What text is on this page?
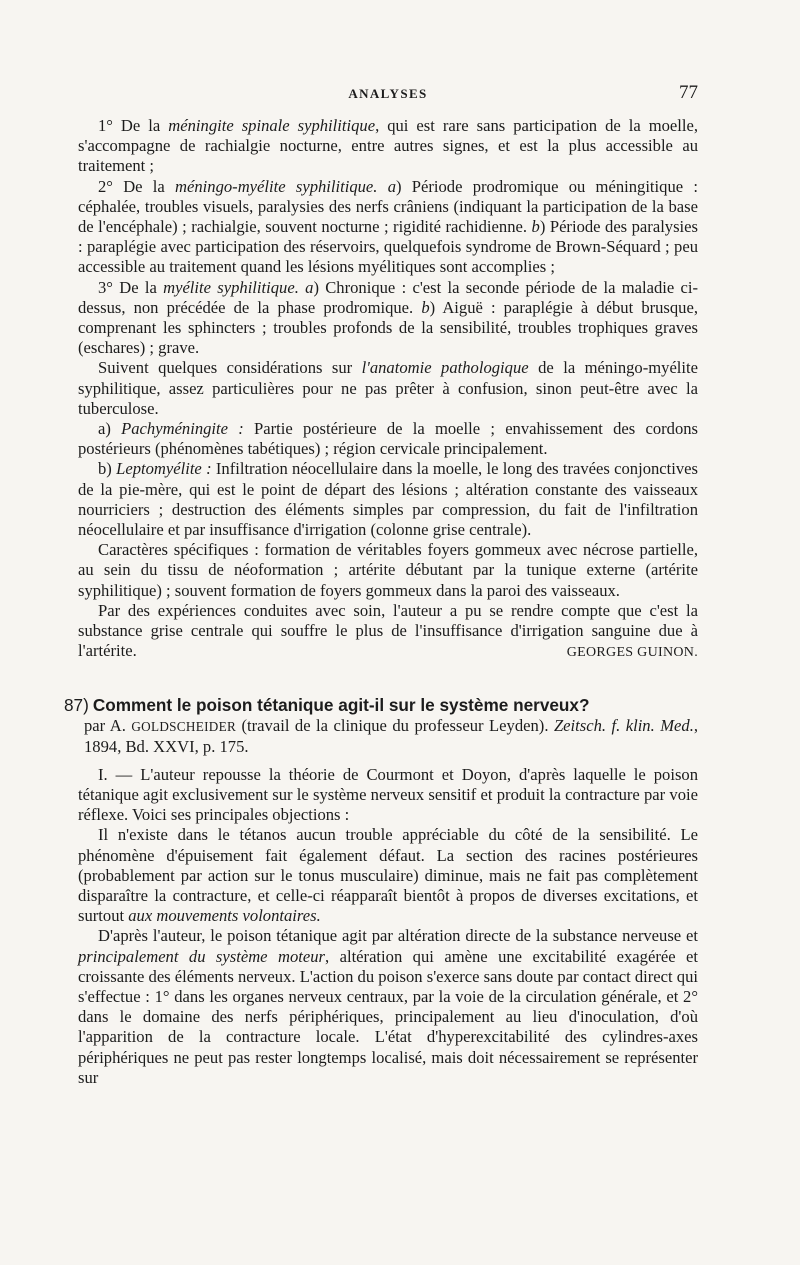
ANALYSES	77

1° De la méningite spinale syphilitique, qui est rare sans participation de la moelle, s'accompagne de rachialgie nocturne, entre autres signes, et est la plus accessible au traitement ;

2° De la méningo-myélite syphilitique. a) Période prodromique ou méningitique : céphalée, troubles visuels, paralysies des nerfs crâniens (indiquant la participation de la base de l'encéphale) ; rachialgie, souvent nocturne ; rigidité rachidienne. b) Période des paralysies : paraplégie avec participation des réservoirs, quelquefois syndrome de Brown-Séquard ; peu accessible au traitement quand les lésions myélitiques sont accomplies ;

3° De la myélite syphilitique. a) Chronique : c'est la seconde période de la maladie ci-dessus, non précédée de la phase prodromique. b) Aiguë : paraplégie à début brusque, comprenant les sphincters ; troubles profonds de la sensibilité, troubles trophiques graves (eschares) ; grave.

Suivent quelques considérations sur l'anatomie pathologique de la méningo-myélite syphilitique, assez particulières pour ne pas prêter à confusion, sinon peut-être avec la tuberculose.

a) Pachyméningite : Partie postérieure de la moelle ; envahissement des cordons postérieurs (phénomènes tabétiques) ; région cervicale principalement.

b) Leptomyélite : Infiltration néocellulaire dans la moelle, le long des travées conjonctives de la pie-mère, qui est le point de départ des lésions ; altération constante des vaisseaux nourriciers ; destruction des éléments simples par compression, du fait de l'infiltration néocellulaire et par insuffisance d'irrigation (colonne grise centrale).

Caractères spécifiques : formation de véritables foyers gommeux avec nécrose partielle, au sein du tissu de néoformation ; artérite débutant par la tunique externe (artérite syphilitique) ; souvent formation de foyers gommeux dans la paroi des vaisseaux.

Par des expériences conduites avec soin, l'auteur a pu se rendre compte que c'est la substance grise centrale qui souffre le plus de l'insuffisance d'irrigation sanguine due à l'artérite.	GEORGES GUINON.

87) Comment le poison tétanique agit-il sur le système nerveux?
par A. GOLDSCHEIDER (travail de la clinique du professeur Leyden). Zeitsch. f. klin. Med., 1894, Bd. XXVI, p. 175.

I. — L'auteur repousse la théorie de Courmont et Doyon, d'après laquelle le poison tétanique agit exclusivement sur le système nerveux sensitif et produit la contracture par voie réflexe. Voici ses principales objections :

Il n'existe dans le tétanos aucun trouble appréciable du côté de la sensibilité. Le phénomène d'épuisement fait également défaut. La section des racines postérieures (probablement par action sur le tonus musculaire) diminue, mais ne fait pas complètement disparaître la contracture, et celle-ci réapparaît bientôt à propos de diverses excitations, et surtout aux mouvements volontaires.

D'après l'auteur, le poison tétanique agit par altération directe de la substance nerveuse et principalement du système moteur, altération qui amène une excitabilité exagérée et croissante des éléments nerveux. L'action du poison s'exerce sans doute par contact direct qui s'effectue : 1° dans les organes nerveux centraux, par la voie de la circulation générale, et 2° dans le domaine des nerfs périphériques, principalement au lieu d'inoculation, d'où l'apparition de la contracture locale. L'état d'hyperexcitabilité des cylindres-axes périphériques ne peut pas rester longtemps localisé, mais doit nécessairement se représenter sur
